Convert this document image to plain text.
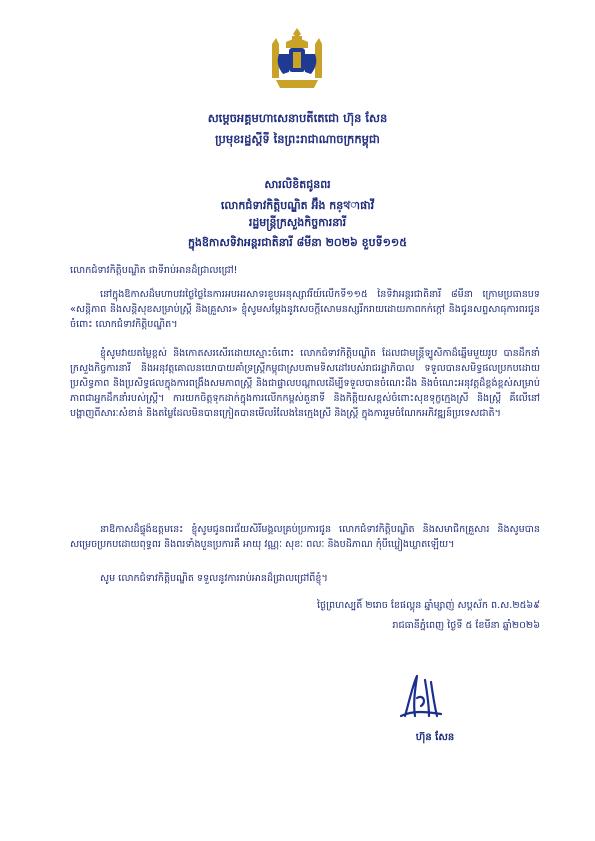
សម្តេចអគ្គមហាសេនាបតីតេជោ ហ៊ុន សែន
ប្រមុខរដ្ឋស្តីទី នៃព្រះរាជាណាចក្រកម្ពុជា
សារលិខិតជូនពរ
លោកជំទាវកិត្តិបណ្ឌិត អ៊ឹង កន្থាផាវី
រដ្ឋមន្ត្រីក្រសួងកិច្ចការនារី
ក្នុងឱកាសទិវាអន្តរជាតិនារី ៨មីនា ២០២៦ ខួបទី១១៥
លោកជំទាវកិត្តិបណ្ឌិត ជាទីរាប់អានដ៏ជ្រាលជ្រៅ!
នៅក្នុងឱកាសដ៏មហាបវរថ្ងៃថ្លៃនៃការអបអរសាទរខួបអនុស្សាវរីយ៍លើកទី១១៥ នៃទិវាអន្តរជាតិនារី ៨មីនា ក្រោមប្រធានបទ «សន្តិភាព និងសន្តិសុខសម្រាប់ស្ត្រី និងគ្រួសារ» ខ្ញុំសូមសម្តែងនូវសេចក្តីសោមនស្សរីករាយដោយភាពកក់ក្តៅ និងជូនសព្ទសាធុការពរជូនចំពោះ លោកជំទាវកិត្តិបណ្ឌិត។
ខ្ញុំសូមវាយតម្លៃខ្ពស់ និងកោតសរសើរដោយស្មោះចំពោះ លោកជំទាវកិត្តិបណ្ឌិត ដែលជាមន្ត្រីទ្បូសិកាដ៏ឆ្នើមមួយរូប បានដឹកនាំក្រសួងកិច្ចការនារី និងអនុវត្តគោលនយោបាយគាំទ្រស្ត្រីកម្ពុជាស្របតាមទិសដៅរបស់រាជរដ្ឋាភិបាល ទទួលបានសមិទ្ធផលប្រកបដោយប្រសិទ្ធភាព និងប្រសិទ្ធផលក្នុងការពង្រឹងសមភាពស្ត្រី និងជាផ្ទាលបណ្ដាលដើម្បីទទួលបានចំណេះដឹង និងចំណេះអនុវត្តដ៏ខ្ពង់ខ្ពស់សម្រាប់ភាពជាអ្នកដឹកនាំរបស់ស្ត្រី។ ការយកចិត្តទុកដាក់ក្នុងការលើកកម្ពស់តួនាទី និងកិត្តិយសខ្ពស់ចំពោះសុខទុក្ខក្មេងស្រី និងស្ត្រី គឺលើនៅបង្ហាញពីសារៈសំខាន់ និងតម្លៃដែលមិនបានក្រៀតបានមើលរំលែងនៃក្មេងស្រី និងស្ត្រី ក្នុងការរួមចំណែកអភិវឌ្ឍន៍ប្រទេសជាតិ។
នាឱកាសដ៏ផ្ទុង៉ឧត្តមនេះ ខ្ញុំសូមជូនពរជ័យសិរីមង្គលគ្រប់ប្រការជូន លោកជំទាវកិត្តិបណ្ឌិត និងសមាជិកគ្រួសារ និងសូមបានសម្រេចប្រកបដោយពុទ្ធពរ និងពរទាំងបួនប្រការគឺ អាយុ វណ្ណៈ សុខៈ ពលៈ និងបដិភាណ កុំបីឃ្លៀងឃ្លាតឡើយ។
សូម លោកជំទាវកិត្តិបណ្ឌិត ទទួលនូវការរាប់អានដ៏ជ្រាលជ្រៅពីខ្ញុំ។
ថ្ងៃព្រហស្បតិ៍ ២រោច ខែផល្គុន ឆ្នាំម្សាញ់ សប្តស័ក ព.ស.២៥៦៩
រាជធានីភ្នំពេញ ថ្ងៃទី ៥ ខែមីនា ឆ្នាំ២០២៦
ហ៊ុន សែន
